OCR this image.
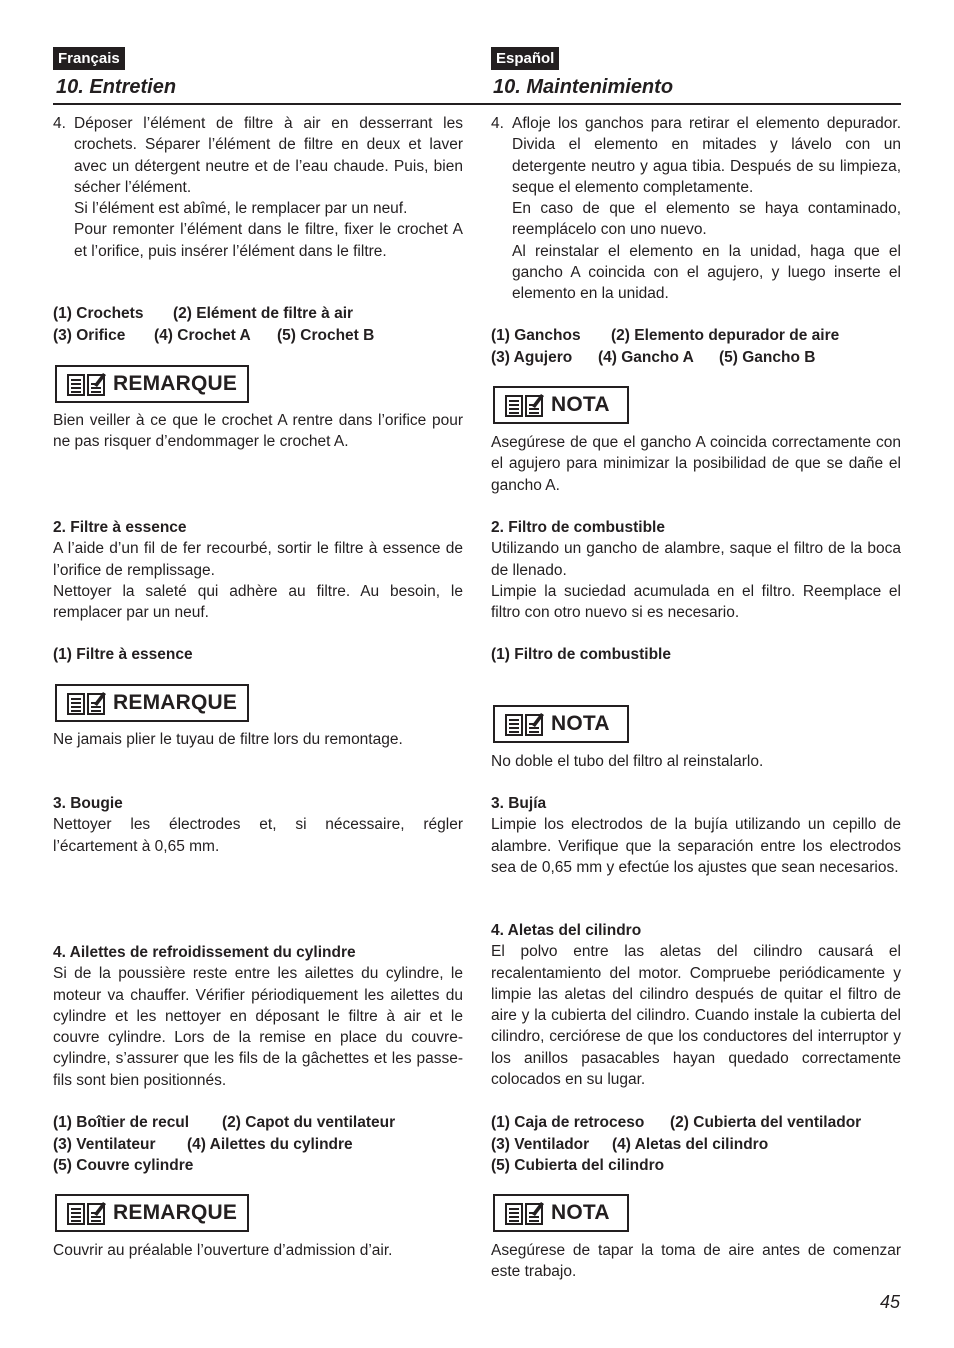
Français
10. Entretien
4. Déposer l’élément de filtre à air en desserrant les crochets. Séparer l’élément de filtre en deux et laver avec un détergent neutre et de l’eau chaude. Puis, bien sécher l’élément.

Si l’élément est abîmé, le remplacer par un neuf.

Pour remonter l’élément dans le filtre, fixer le crochet A et l’orifice, puis insérer l’élément dans le filtre.

(1) Crochets (2) Elément de filtre à air
(3) Orifice (4) Crochet A (5) Crochet B
REMARQUE

Bien veiller à ce que le crochet A rentre dans l’orifice pour ne pas risquer d’endommager le crochet A.

2. Filtre à essence

A l’aide d’un fil de fer recourbé, sortir le filtre à essence de l’orifice de remplissage.

Nettoyer la saleté qui adhère au filtre. Au besoin, le remplacer par un neuf.

(1) Filtre à essence
REMARQUE

Ne jamais plier le tuyau de filtre lors du remontage.

3. Bougie

Nettoyer les électrodes et, si nécessaire, régler l’écartement à 0,65 mm.

4. Ailettes de refroidissement du cylindre

Si de la poussière reste entre les ailettes du cylindre, le moteur va chauffer. Vérifier périodiquement les ailettes du cylindre et les nettoyer en déposant le filtre à air et le couvre cylindre. Lors de la remise en place du couvre-cylindre, s’assurer que les fils de la gâchettes et les passe-fils sont bien positionnés.

(1) Boîtier de recul (2) Capot du ventilateur
(3) Ventilateur (4) Ailettes du cylindre
(5) Couvre cylindre
REMARQUE

Couvrir au préalable l’ouverture d’admission d’air.

Español
10. Maintenimiento
4. Afloje los ganchos para retirar el elemento depurador. Divida el elemento en mitades y lávelo con un detergente neutro y agua tibia. Después de su limpieza, seque el elemento completamente.

En caso de que el elemento se haya contaminado, reemplácelo con uno nuevo.

Al reinstalar el elemento en la unidad, haga que el gancho A coincida con el agujero, y luego inserte el elemento en la unidad.

(1) Ganchos (2) Elemento depurador de aire
(3) Agujero (4) Gancho A (5) Gancho B
NOTA

Asegúrese de que el gancho A coincida correctamente con el agujero para minimizar la posibilidad de que se dañe el gancho A.

2. Filtro de combustible

Utilizando un gancho de alambre, saque el filtro de la boca de llenado.

Limpie la suciedad acumulada en el filtro. Reemplace el filtro con otro nuevo si es necesario.

(1) Filtro de combustible
NOTA

No doble el tubo del filtro al reinstalarlo.

3. Bujía

Limpie los electrodos de la bujía utilizando un cepillo de alambre. Verifique que la separación entre los electrodos sea de 0,65 mm y efectúe los ajustes que sean necesarios.

4. Aletas del cilindro

El polvo entre las aletas del cilindro causará el recalentamiento del motor. Compruebe periódicamente y limpie las aletas del cilindro después de quitar el filtro de aire y la cubierta del cilindro. Cuando instale la cubierta del cilindro, cerciórese de que los conductores del interruptor y los anillos pasacables hayan quedado correctamente colocados en su lugar.

(1) Caja de retroceso (2) Cubierta del ventilador
(3) Ventilador (4) Aletas del cilindro
(5) Cubierta del cilindro
NOTA

Asegúrese de tapar la toma de aire antes de comenzar este trabajo.

45
